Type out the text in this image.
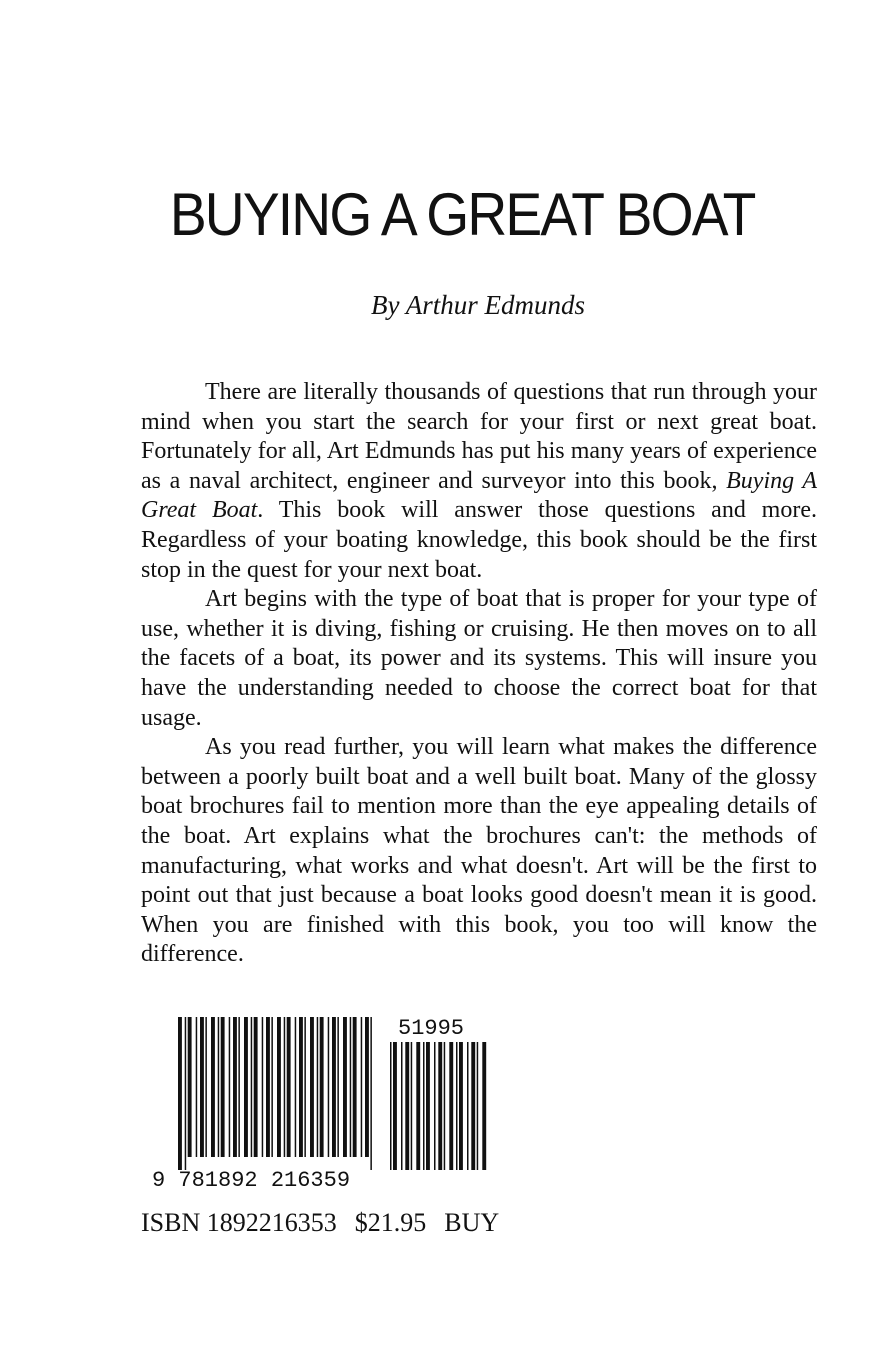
BUYING A GREAT BOAT

By Arthur Edmunds

There are literally thousands of questions that run through your mind when you start the search for your first or next great boat. Fortunately for all, Art Edmunds has put his many years of experience as a naval architect, engineer and surveyor into this book, Buying A Great Boat. This book will answer those questions and more. Regardless of your boating knowledge, this book should be the first stop in the quest for your next boat.

Art begins with the type of boat that is proper for your type of use, whether it is diving, fishing or cruising. He then moves on to all the facets of a boat, its power and its systems. This will insure you have the understanding needed to choose the correct boat for that usage.

As you read further, you will learn what makes the difference between a poorly built boat and a well built boat. Many of the glossy boat brochures fail to mention more than the eye appealing details of the boat. Art explains what the brochures can't: the methods of manufacturing, what works and what doesn't. Art will be the first to point out that just because a boat looks good doesn't mean it is good. When you are finished with this book, you too will know the difference.

9 781892 216359
51995

ISBN 1892216353 $21.95 BUY
